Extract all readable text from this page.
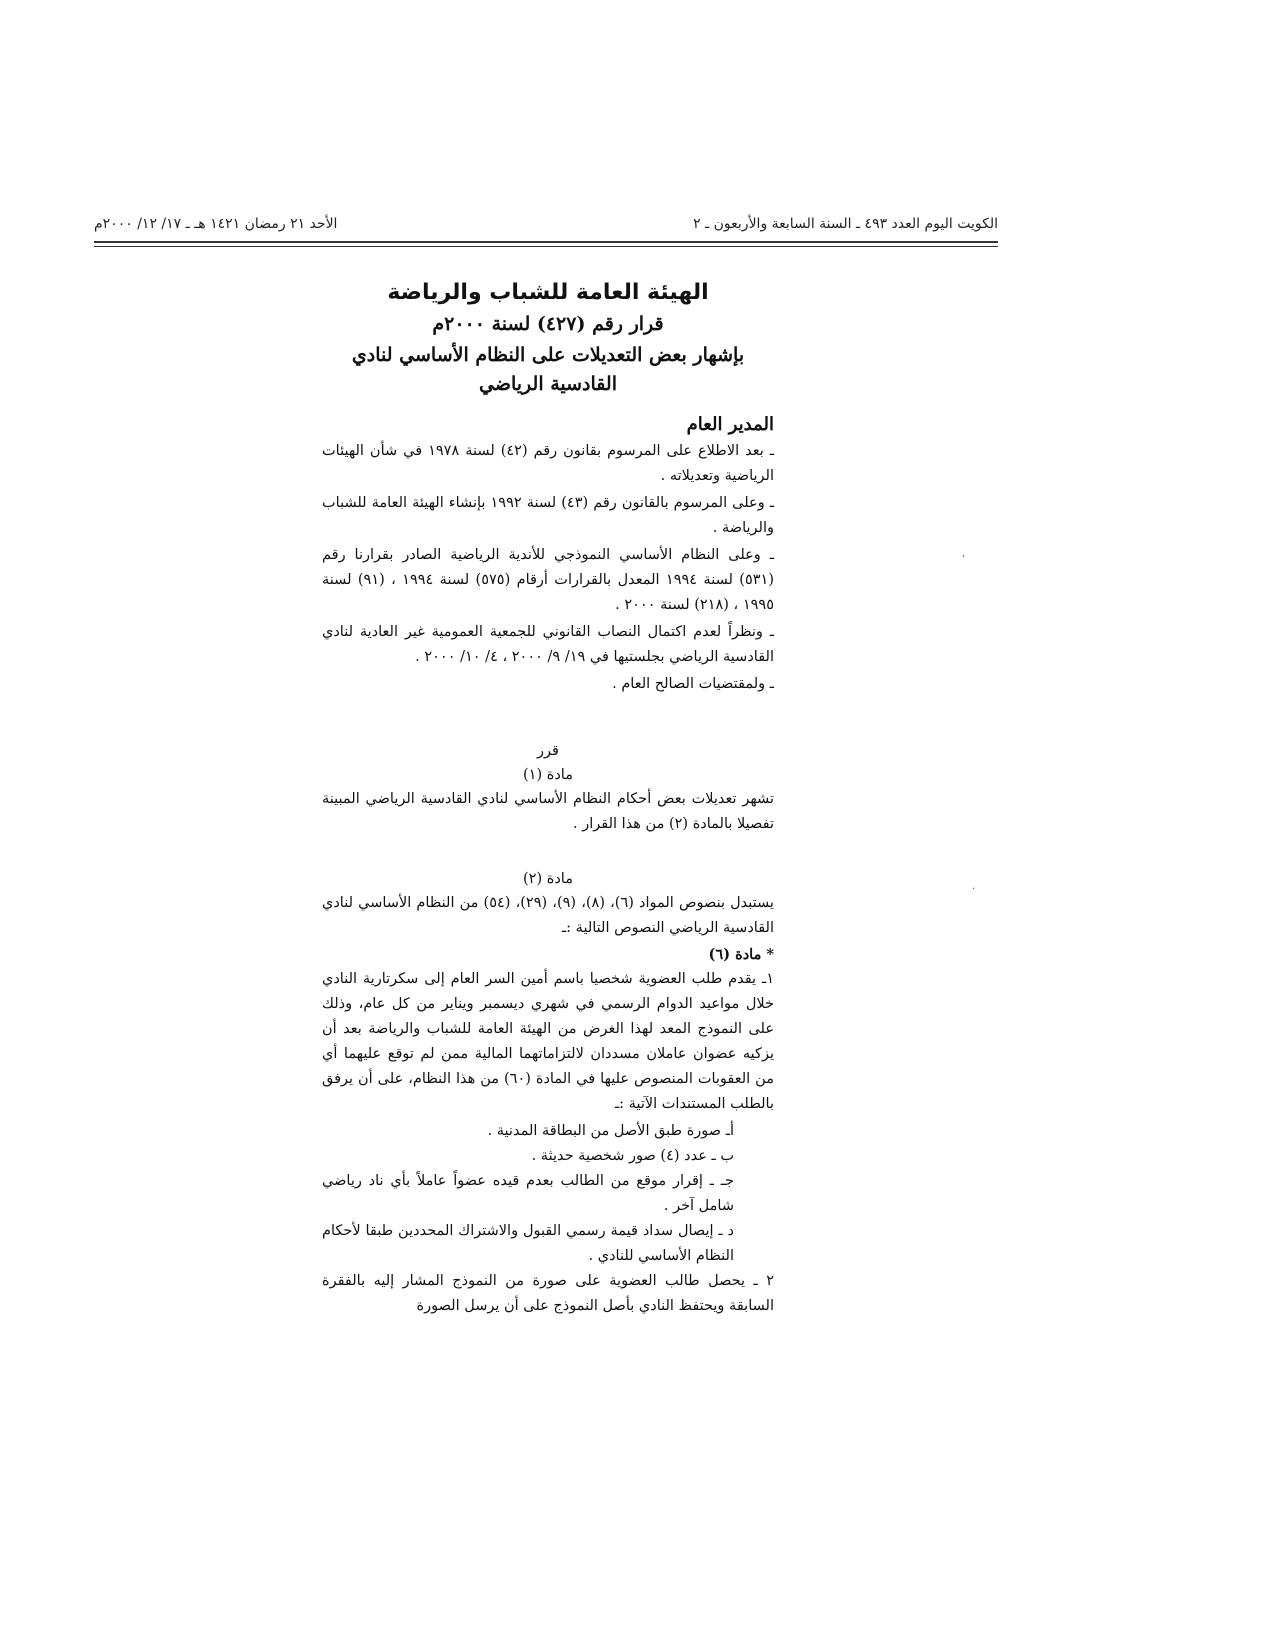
الكويت اليوم العدد ٤٩٣ ـ السنة السابعة والأربعون ـ ٢
الأحد ٢١ رمضان ١٤٢١ هـ ـ ١٧/ ١٢/ ٢٠٠٠م

الهيئة العامة للشباب والرياضة

قرار رقم (٤٢٧) لسنة ٢٠٠٠م

بإشهار بعض التعديلات على النظام الأساسي لنادي القادسية الرياضي

المدير العام

ـ بعد الاطلاع على المرسوم بقانون رقم (٤٢) لسنة ١٩٧٨ في شأن الهيئات الرياضية وتعديلاته .

ـ وعلى المرسوم بالقانون رقم (٤٣) لسنة ١٩٩٢ بإنشاء الهيئة العامة للشباب والرياضة .

ـ وعلى النظام الأساسي النموذجي للأندية الرياضية الصادر بقرارنا رقم (٥٣١) لسنة ١٩٩٤ المعدل بالقرارات أرقام (٥٧٥) لسنة ١٩٩٤ ، (٩١) لسنة ١٩٩٥ ، (٢١٨) لسنة ٢٠٠٠ .

ـ ونظراً لعدم اكتمال النصاب القانوني للجمعية العمومية غير العادية لنادي القادسية الرياضي بجلستيها في ١٩/ ٩/ ٢٠٠٠ ، ٤/ ١٠/ ٢٠٠٠ .

ـ ولمقتضيات الصالح العام .

قرر

مادة (١)

تشهر تعديلات بعض أحكام النظام الأساسي لنادي القادسية الرياضي المبينة تفصيلا بالمادة (٢) من هذا القرار .

مادة (٢)

يستبدل بنصوص المواد (٦)، (٨)، (٩)، (٢٩)، (٥٤) من النظام الأساسي لنادي القادسية الرياضي النصوص التالية :ـ

* مادة (٦)

١ـ يقدم طلب العضوية شخصيا باسم أمين السر العام إلى سكرتارية النادي خلال مواعيد الدوام الرسمي في شهري ديسمبر ويناير من كل عام، وذلك على النموذج المعد لهذا الغرض من الهيئة العامة للشباب والرياضة بعد أن يزكيه عضوان عاملان مسددان لالتزاماتهما المالية ممن لم توقع عليهما أي من العقوبات المنصوص عليها في المادة (٦٠) من هذا النظام، على أن يرفق بالطلب المستندات الآتية :ـ

أـ صورة طبق الأصل من البطاقة المدنية .

ب ـ عدد (٤) صور شخصية حديثة .

جـ ـ إقرار موقع من الطالب بعدم قيده عضواً عاملاً بأي ناد رياضي شامل آخر .

د ـ إيصال سداد قيمة رسمي القبول والاشتراك المحددين طبقا لأحكام النظام الأساسي للنادي .

٢ ـ يحصل طالب العضوية على صورة من النموذج المشار إليه بالفقرة السابقة ويحتفظ النادي بأصل النموذج على أن يرسل الصورة

,
·
